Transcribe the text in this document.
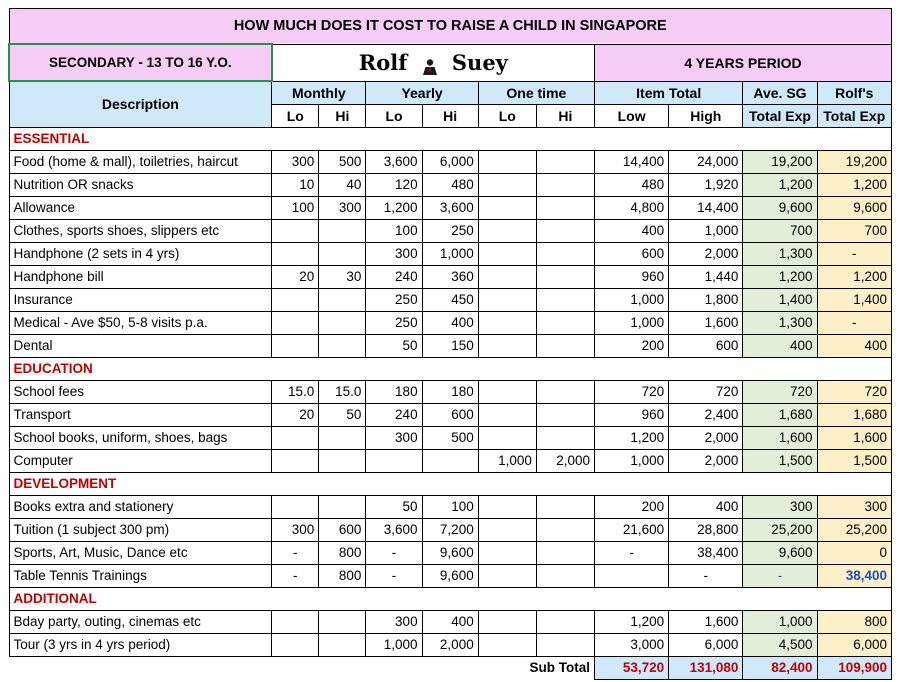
HOW MUCH DOES IT COST TO RAISE A CHILD IN SINGAPORE										
SECONDARY - 13 TO 16 Y.O.	Rolf Suey						4 YEARS PERIOD			
Description	Monthly		Yearly		One time		Item Total		Ave. SG	Rolf's
	Lo	Hi	Lo	Hi	Lo	Hi	Low	High	Total Exp	Total Exp
ESSENTIAL										
Food (home & mall), toiletries, haircut	300	500	3,600	6,000			14,400	24,000	19,200	19,200
Nutrition OR snacks	10	40	120	480			480	1,920	1,200	1,200
Allowance	100	300	1,200	3,600			4,800	14,400	9,600	9,600
Clothes, sports shoes, slippers etc			100	250			400	1,000	700	700
Handphone (2 sets in 4 yrs)			300	1,000			600	2,000	1,300	-
Handphone bill	20	30	240	360			960	1,440	1,200	1,200
Insurance			250	450			1,000	1,800	1,400	1,400
Medical - Ave $50, 5-8 visits p.a.			250	400			1,000	1,600	1,300	-
Dental			50	150			200	600	400	400
EDUCATION										
School fees	15.0	15.0	180	180			720	720	720	720
Transport	20	50	240	600			960	2,400	1,680	1,680
School books, uniform, shoes, bags			300	500			1,200	2,000	1,600	1,600
Computer					1,000	2,000	1,000	2,000	1,500	1,500
DEVELOPMENT										
Books extra and stationery			50	100			200	400	300	300
Tuition (1 subject 300 pm)	300	600	3,600	7,200			21,600	28,800	25,200	25,200
Sports, Art, Music, Dance etc	-	800	-	9,600			-	38,400	9,600	0
Table Tennis Trainings	-	800	-	9,600				-	-	38,400
ADDITIONAL										
Bday party, outing, cinemas etc			300	400			1,200	1,600	1,000	800
Tour (3 yrs in 4 yrs period)			1,000	2,000			3,000	6,000	4,500	6,000
Sub Total							53,720	131,080	82,400	109,900
